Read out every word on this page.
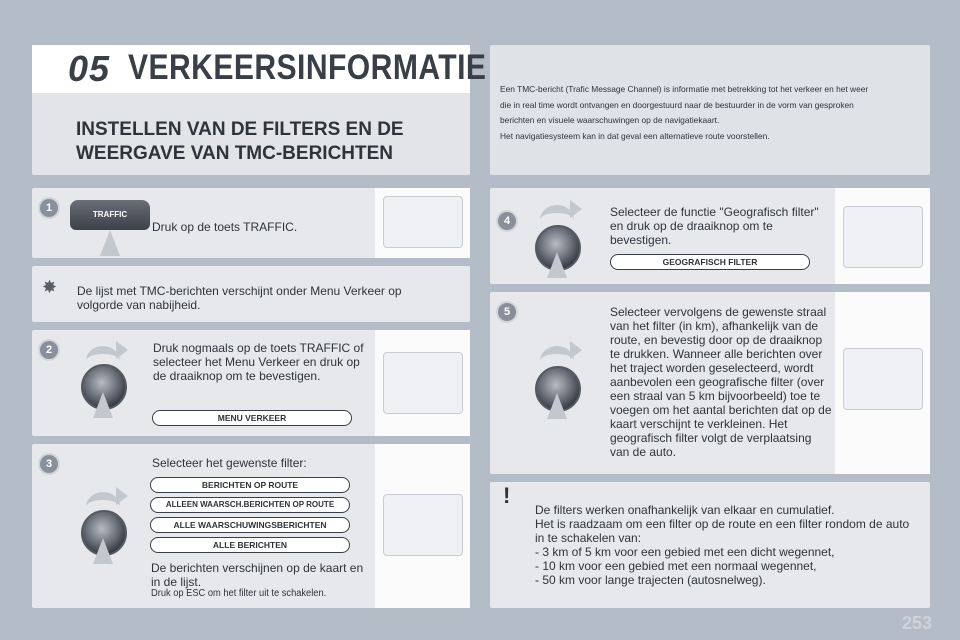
05 VERKEERSINFORMATIE
INSTELLEN VAN DE FILTERS EN DE WEERGAVE VAN TMC-BERICHTEN
Een TMC-bericht (Trafic Message Channel) is informatie met betrekking tot het verkeer en het weer
die in real time wordt ontvangen en doorgestuurd naar de bestuurder in de vorm van gesproken
berichten en visuele waarschuwingen op de navigatiekaart.
Het navigatiesysteem kan in dat geval een alternatieve route voorstellen.
1
TRAFFIC
Druk op de toets TRAFFIC.
✸ De lijst met TMC-berichten verschijnt onder Menu Verkeer op volgorde van nabijheid.
2	Druk nogmaals op de toets TRAFFIC of selecteer het Menu Verkeer en druk op de draaiknop om te bevestigen.
MENU VERKEER
3	Selecteer het gewenste filter:
BERICHTEN OP ROUTE
ALLEEN WAARSCH.BERICHTEN OP ROUTE
ALLE WAARSCHUWINGSBERICHTEN
ALLE BERICHTEN
De berichten verschijnen op de kaart en in de lijst.
Druk op ESC om het filter uit te schakelen.
4
Selecteer de functie "Geografisch filter" en druk op de draaiknop om te bevestigen.
GEOGRAFISCH FILTER
5	Selecteer vervolgens de gewenste straal van het filter (in km), afhankelijk van de route, en bevestig door op de draaiknop te drukken. Wanneer alle berichten over het traject worden geselecteerd, wordt aanbevolen een geografische filter (over een straal van 5 km bijvoorbeeld) toe te voegen om het aantal berichten dat op de kaart verschijnt te verkleinen. Het geografisch filter volgt de verplaatsing van de auto.
!
De filters werken onafhankelijk van elkaar en cumulatief.
Het is raadzaam om een filter op de route en een filter rondom de auto in te schakelen van:
- 3 km of 5 km voor een gebied met een dicht wegennet,
- 10 km voor een gebied met een normaal wegennet,
- 50 km voor lange trajecten (autosnelweg).
253
